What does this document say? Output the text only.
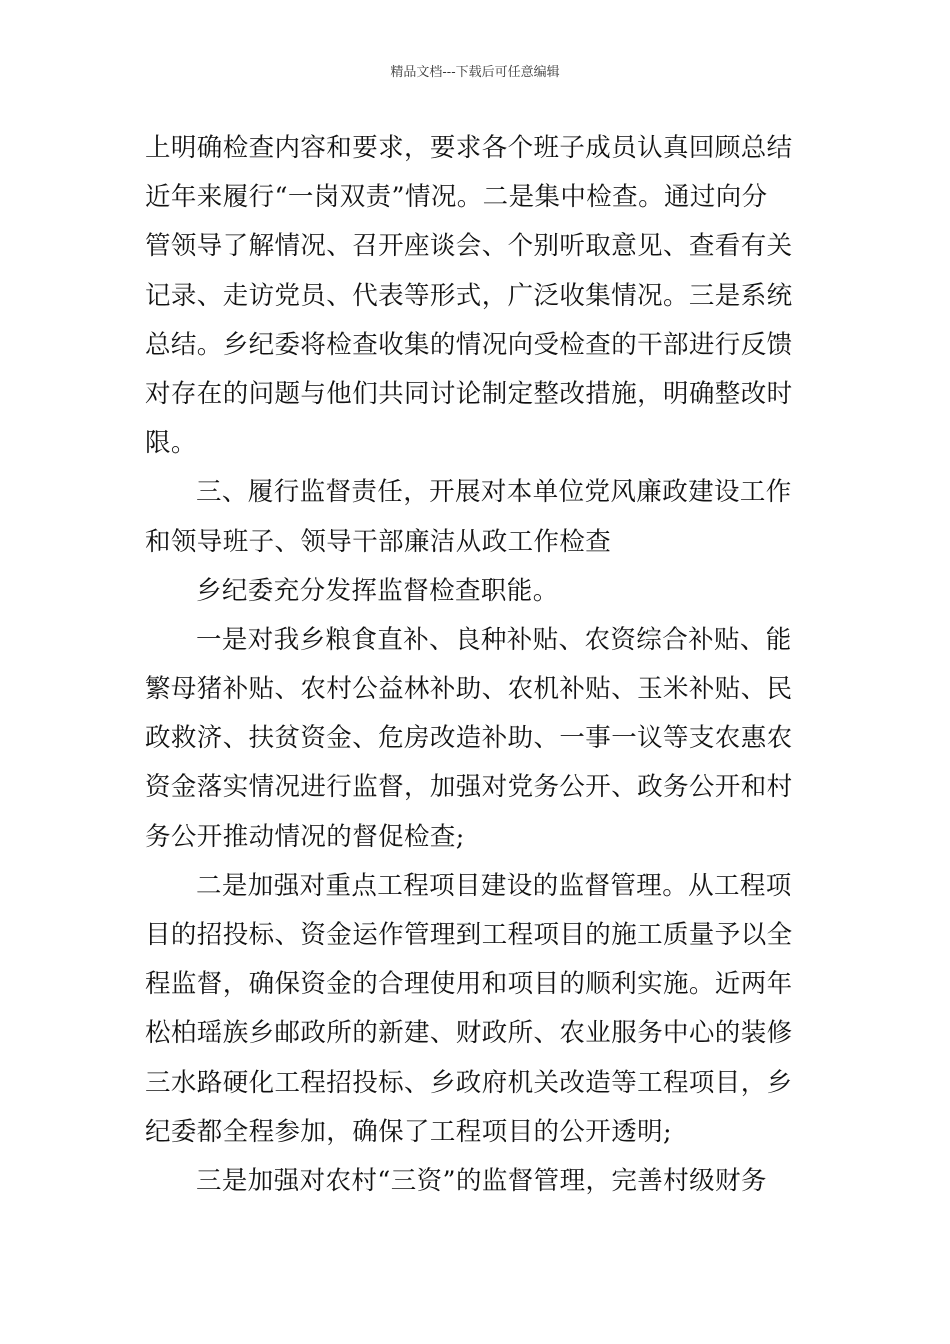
精品文档---下载后可任意编辑
上明确检查内容和要求，要求各个班子成员认真回顾总结
近年来履行“一岗双责”情况。二是集中检查。通过向分
管领导了解情况、召开座谈会、个别听取意见、查看有关
记录、走访党员、代表等形式，广泛收集情况。三是系统
总结。乡纪委将检查收集的情况向受检查的干部进行反馈
对存在的问题与他们共同讨论制定整改措施，明确整改时
限。
三、履行监督责任，开展对本单位党风廉政建设工作
和领导班子、领导干部廉洁从政工作检查
乡纪委充分发挥监督检查职能。
一是对我乡粮食直补、良种补贴、农资综合补贴、能
繁母猪补贴、农村公益林补助、农机补贴、玉米补贴、民
政救济、扶贫资金、危房改造补助、一事一议等支农惠农
资金落实情况进行监督，加强对党务公开、政务公开和村
务公开推动情况的督促检查;
二是加强对重点工程项目建设的监督管理。从工程项
目的招投标、资金运作管理到工程项目的施工质量予以全
程监督，确保资金的合理使用和项目的顺利实施。近两年
松柏瑶族乡邮政所的新建、财政所、农业服务中心的装修
三水路硬化工程招投标、乡政府机关改造等工程项目，乡
纪委都全程参加，确保了工程项目的公开透明;
三是加强对农村“三资”的监督管理，完善村级财务
